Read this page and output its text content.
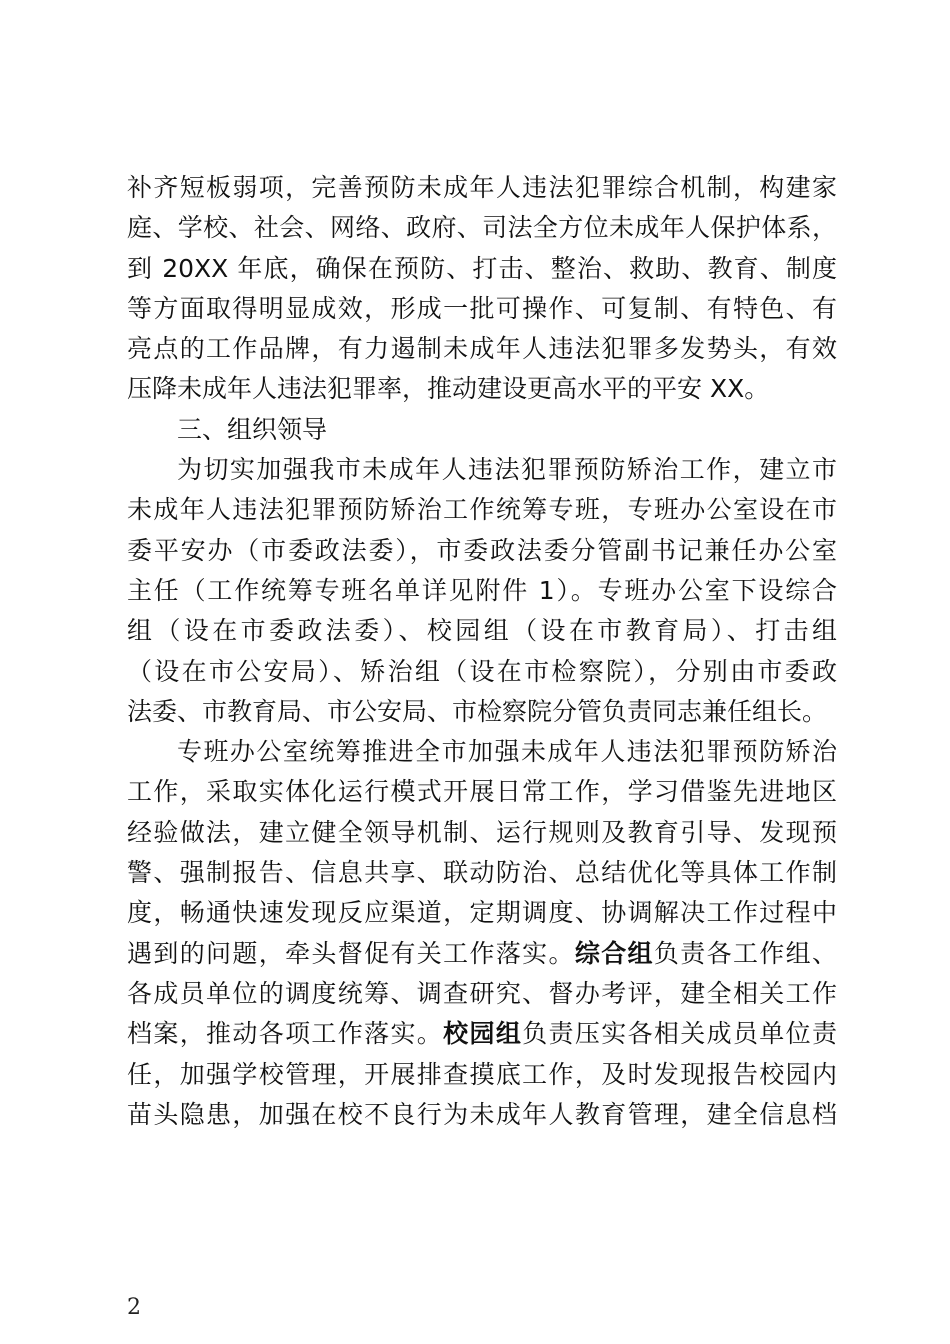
补齐短板弱项，完善预防未成年人违法犯罪综合机制，构建家
庭、学校、社会、网络、政府、司法全方位未成年人保护体系，
到 20XX 年底，确保在预防、打击、整治、救助、教育、制度
等方面取得明显成效，形成一批可操作、可复制、有特色、有
亮点的工作品牌，有力遏制未成年人违法犯罪多发势头，有效
压降未成年人违法犯罪率，推动建设更高水平的平安 XX。
三、组织领导
为切实加强我市未成年人违法犯罪预防矫治工作，建立市
未成年人违法犯罪预防矫治工作统筹专班，专班办公室设在市
委平安办（市委政法委），市委政法委分管副书记兼任办公室
主任（工作统筹专班名单详见附件 1）。专班办公室下设综合
组（设在市委政法委）、校园组（设在市教育局）、打击组
（设在市公安局）、矫治组（设在市检察院），分别由市委政
法委、市教育局、市公安局、市检察院分管负责同志兼任组长。
专班办公室统筹推进全市加强未成年人违法犯罪预防矫治
工作，采取实体化运行模式开展日常工作，学习借鉴先进地区
经验做法，建立健全领导机制、运行规则及教育引导、发现预
警、强制报告、信息共享、联动防治、总结优化等具体工作制
度，畅通快速发现反应渠道，定期调度、协调解决工作过程中
遇到的问题，牵头督促有关工作落实。综合组负责各工作组、
各成员单位的调度统筹、调查研究、督办考评，建全相关工作
档案，推动各项工作落实。校园组负责压实各相关成员单位责
任，加强学校管理，开展排查摸底工作，及时发现报告校园内
苗头隐患，加强在校不良行为未成年人教育管理，建全信息档
2
